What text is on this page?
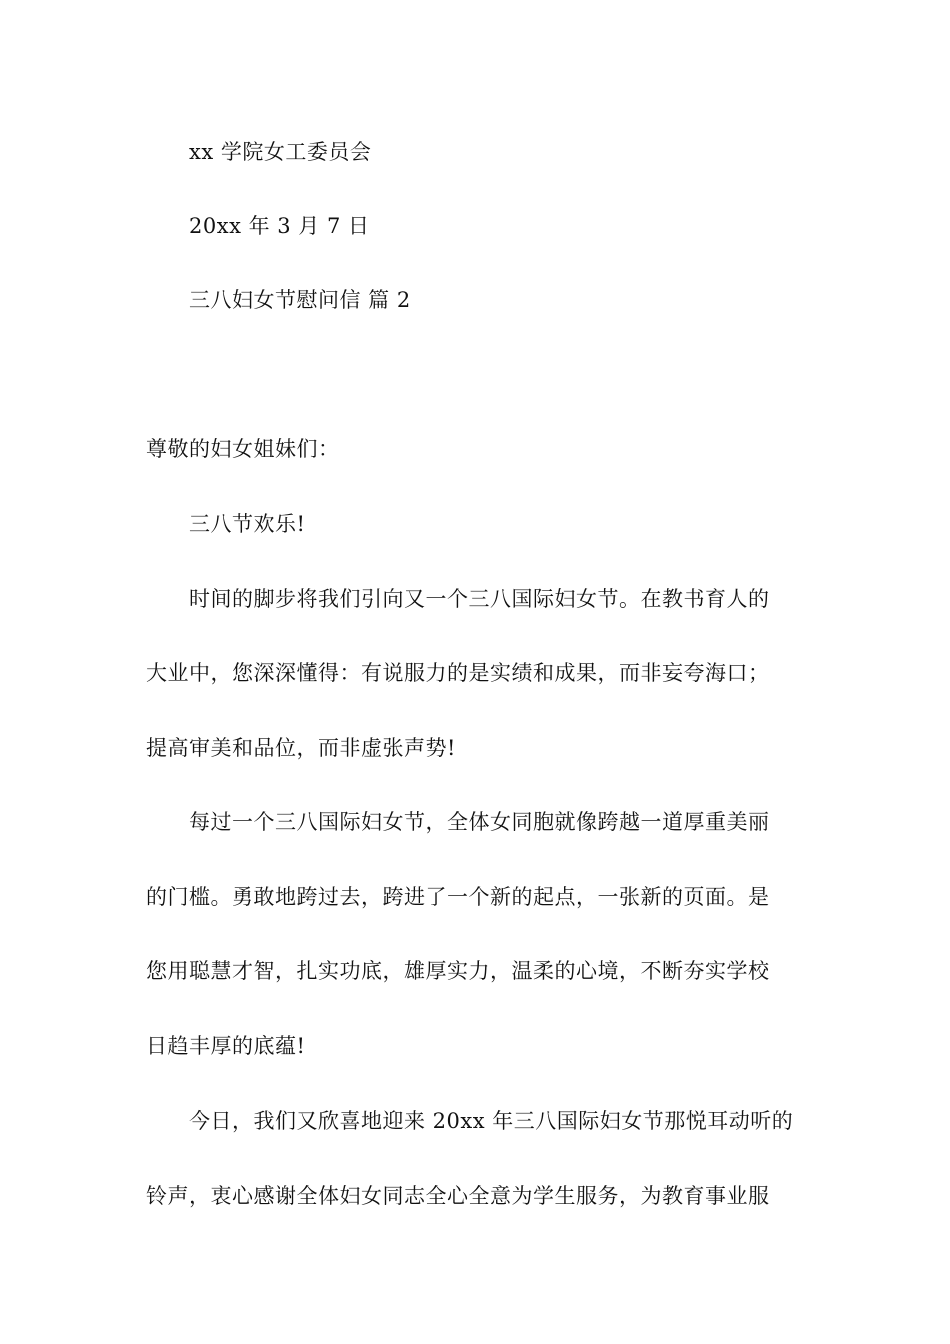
xx 学院女工委员会
20xx 年 3 月 7 日
三八妇女节慰问信 篇 2
尊敬的妇女姐妹们：
三八节欢乐!
时间的脚步将我们引向又一个三八国际妇女节。在教书育人的
大业中，您深深懂得：有说服力的是实绩和成果，而非妄夸海口；
提高审美和品位，而非虚张声势!
每过一个三八国际妇女节，全体女同胞就像跨越一道厚重美丽
的门槛。勇敢地跨过去，跨进了一个新的起点，一张新的页面。是
您用聪慧才智，扎实功底，雄厚实力，温柔的心境，不断夯实学校
日趋丰厚的底蕴!
今日，我们又欣喜地迎来 20xx 年三八国际妇女节那悦耳动听的
铃声，衷心感谢全体妇女同志全心全意为学生服务，为教育事业服
